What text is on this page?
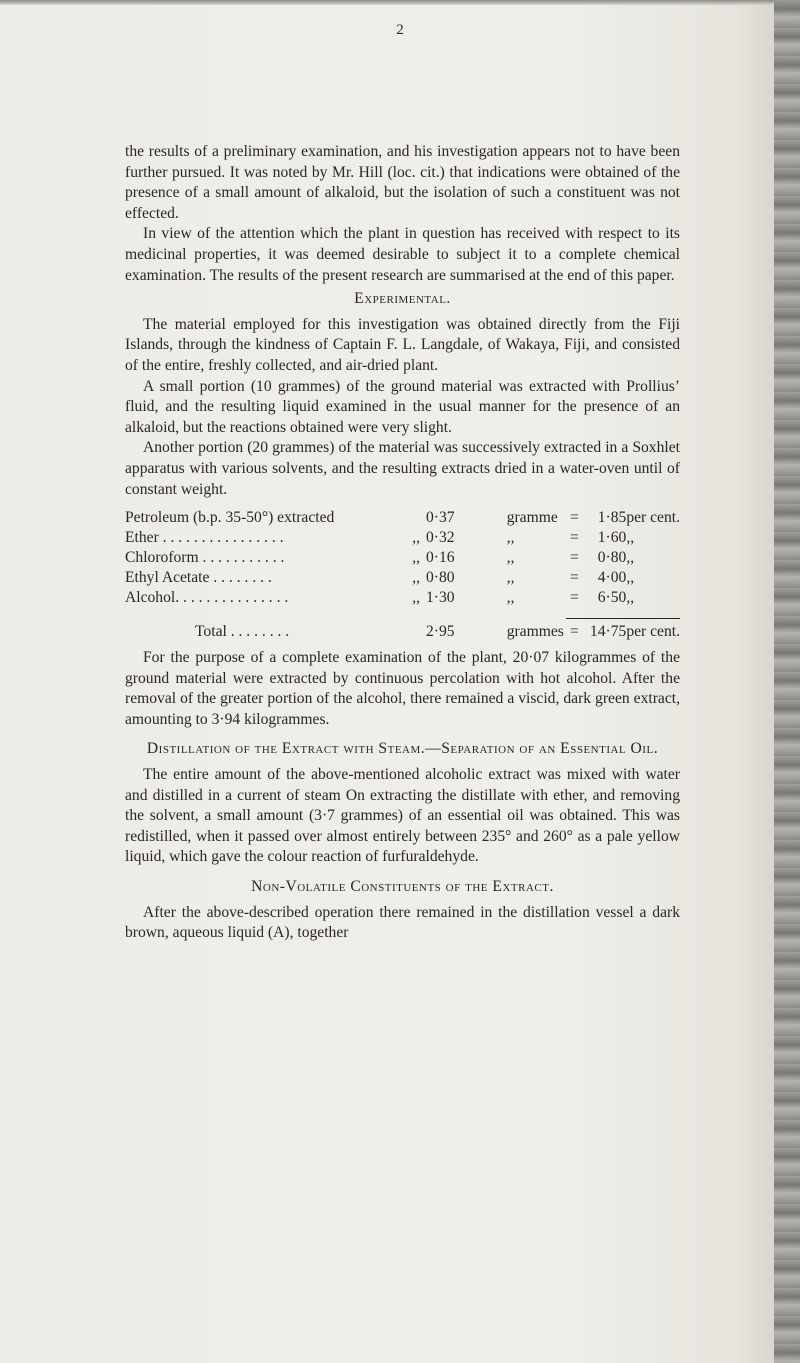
2

the results of a preliminary examination, and his investigation appears not to have been further pursued. It was noted by Mr. Hill (loc. cit.) that indications were obtained of the presence of a small amount of alkaloid, but the isolation of such a constituent was not effected.

In view of the attention which the plant in question has received with respect to its medicinal properties, it was deemed desirable to subject it to a complete chemical examination. The results of the present research are summarised at the end of this paper.

Experimental.

The material employed for this investigation was obtained directly from the Fiji Islands, through the kindness of Captain F. L. Langdale, of Wakaya, Fiji, and consisted of the entire, freshly collected, and air-dried plant.

A small portion (10 grammes) of the ground material was extracted with Prollius’ fluid, and the resulting liquid examined in the usual manner for the presence of an alkaloid, but the reactions obtained were very slight.

Another portion (20 grammes) of the material was successively extracted in a Soxhlet apparatus with various solvents, and the resulting extracts dried in a water-oven until of constant weight.

Petroleum (b.p. 35-50°) extracted	0·37	gramme	=	1·85	per cent.
Ether . . . . . . . . . . . . . . . . ,,	0·32	,,	=	1·60	,,
Chloroform . . . . . . . . . . . ,,	0·16	,,	=	0·80	,,
Ethyl Acetate . . . . . . . . ,,	0·80	,,	=	4·00	,,
Alcohol. . . . . . . . . . . . . . . ,,	1·30	,,	=	6·50	,,

Total . . . . . . . .	2·95	grammes	=	14·75	per cent.

For the purpose of a complete examination of the plant, 20·07 kilogrammes of the ground material were extracted by continuous percolation with hot alcohol. After the removal of the greater portion of the alcohol, there remained a viscid, dark green extract, amounting to 3·94 kilogrammes.

Distillation of the Extract with Steam.—Separation of an Essential Oil.

The entire amount of the above-mentioned alcoholic extract was mixed with water and distilled in a current of steam On extracting the distillate with ether, and removing the solvent, a small amount (3·7 grammes) of an essential oil was obtained. This was redistilled, when it passed over almost entirely between 235° and 260° as a pale yellow liquid, which gave the colour reaction of furfuraldehyde.

Non-Volatile Constituents of the Extract.

After the above-described operation there remained in the distillation vessel a dark brown, aqueous liquid (A), together
